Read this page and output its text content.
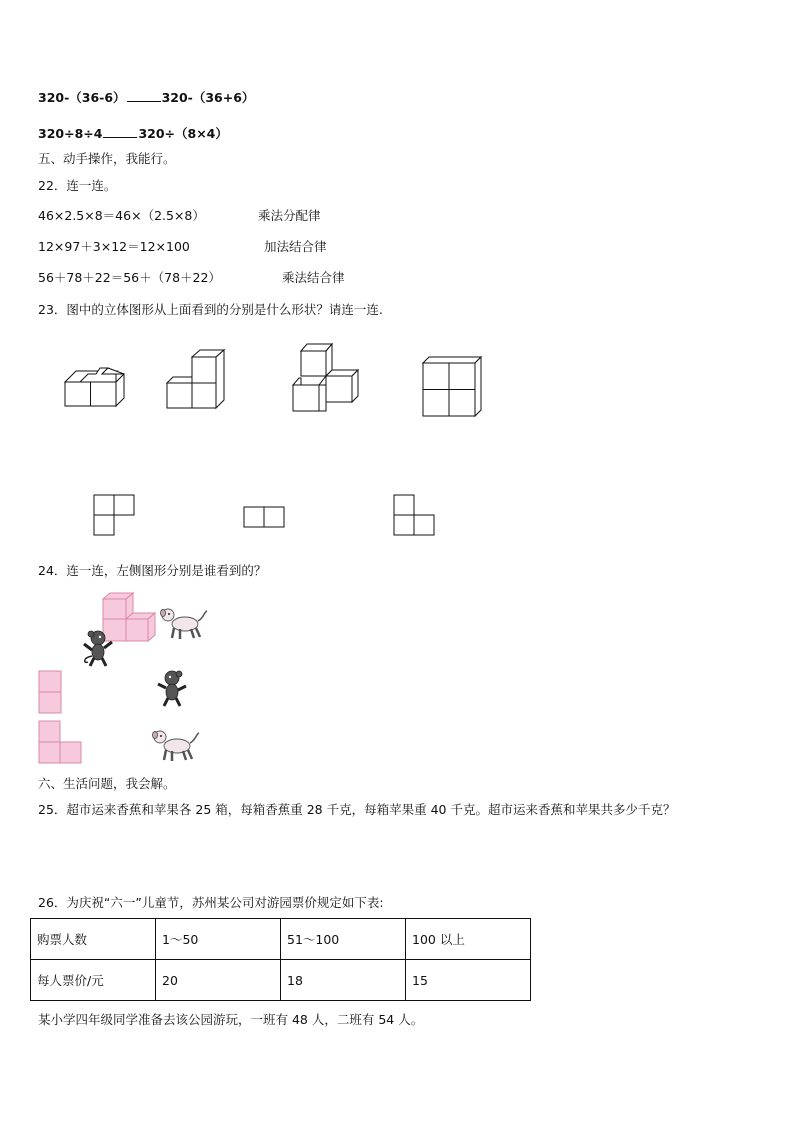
320-（36-6）	320-（36+6）
320÷8÷4	320÷（8×4）
五、动手操作，我能行。
22．连一连。
46×2.5×8＝46×（2.5×8）	乘法分配律
12×97＋3×12＝12×100	加法结合律
56＋78＋22＝56＋（78＋22）	乘法结合律
23．图中的立体图形从上面看到的分别是什么形状？请连一连.
24．连一连，左侧图形分别是谁看到的？
六、生活问题，我会解。
25．超市运来香蕉和苹果各 25 箱，每箱香蕉重 28 千克，每箱苹果重 40 千克。超市运来香蕉和苹果共多少千克？
26．为庆祝“六一”儿童节，苏州某公司对游园票价规定如下表:
购票人数	1～50	51～100	100 以上
每人票价/元	20	18	15
某小学四年级同学准备去该公园游玩，一班有 48 人，二班有 54 人。
